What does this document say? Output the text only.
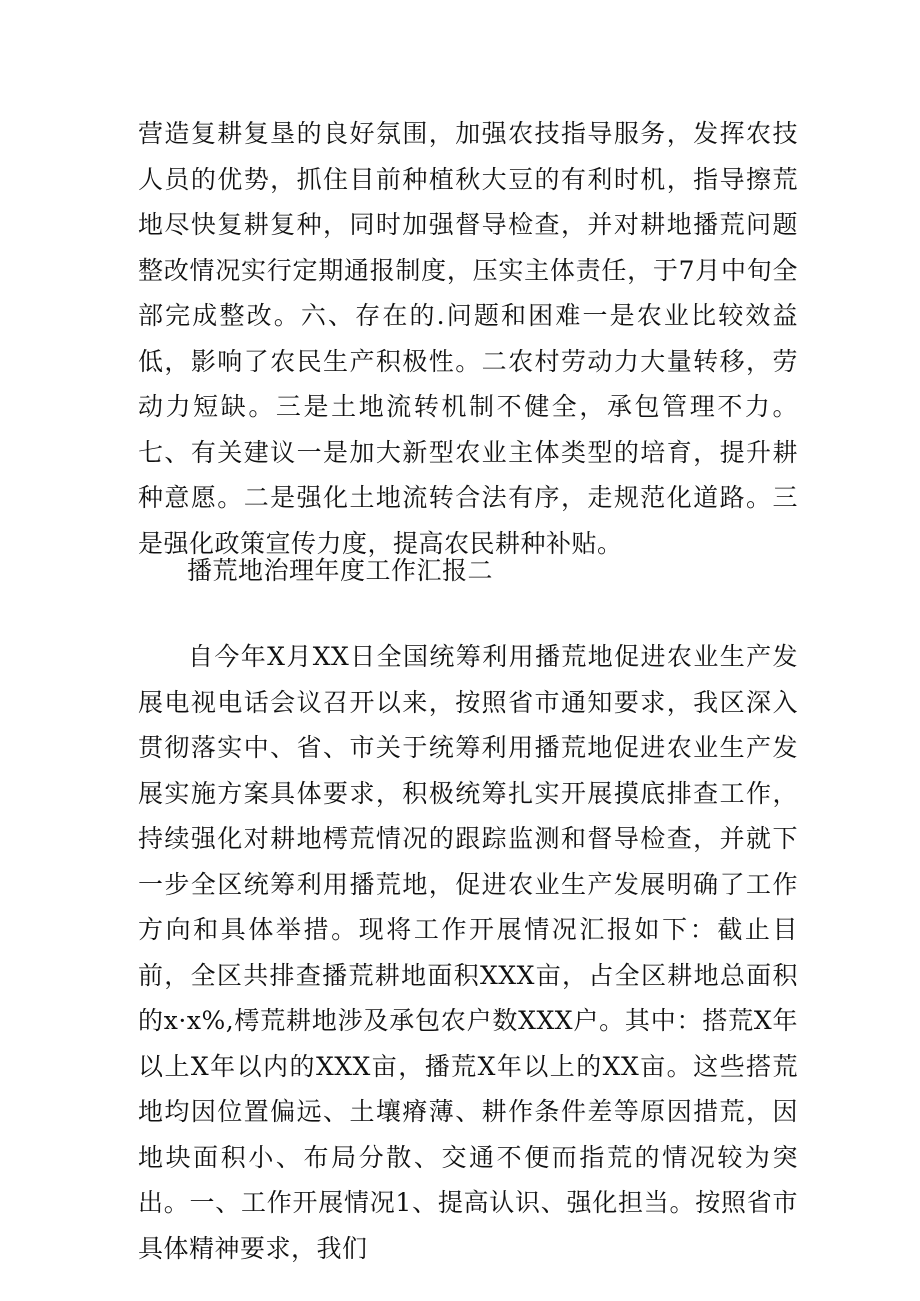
营造复耕复垦的良好氛围，加强农技指导服务，发挥农技人员的优势，抓住目前种植秋大豆的有利时机，指导擦荒地尽快复耕复种，同时加强督导检查，并对耕地播荒问题整改情况实行定期通报制度，压实主体责任，于7月中旬全部完成整改。六、存在的.问题和困难一是农业比较效益低，影响了农民生产积极性。二农村劳动力大量转移，劳动力短缺。三是土地流转机制不健全，承包管理不力。七、有关建议一是加大新型农业主体类型的培育，提升耕种意愿。二是强化土地流转合法有序，走规范化道路。三是强化政策宣传力度，提高农民耕种补贴。

播荒地治理年度工作汇报二

自今年X月XX日全国统筹利用播荒地促进农业生产发展电视电话会议召开以来，按照省市通知要求，我区深入贯彻落实中、省、市关于统筹利用播荒地促进农业生产发展实施方案具体要求，积极统筹扎实开展摸底排查工作，持续强化对耕地樗荒情况的跟踪监测和督导检查，并就下一步全区统筹利用播荒地，促进农业生产发展明确了工作方向和具体举措。现将工作开展情况汇报如下：截止目前，全区共排查播荒耕地面积XXX亩，占全区耕地总面积的x·x%,樗荒耕地涉及承包农户数XXX户。其中：搭荒X年以上X年以内的XXX亩，播荒X年以上的XX亩。这些搭荒地均因位置偏远、土壤瘠薄、耕作条件差等原因措荒，因地块面积小、布局分散、交通不便而指荒的情况较为突出。一、工作开展情况1、提高认识、强化担当。按照省市具体精神要求，我们
